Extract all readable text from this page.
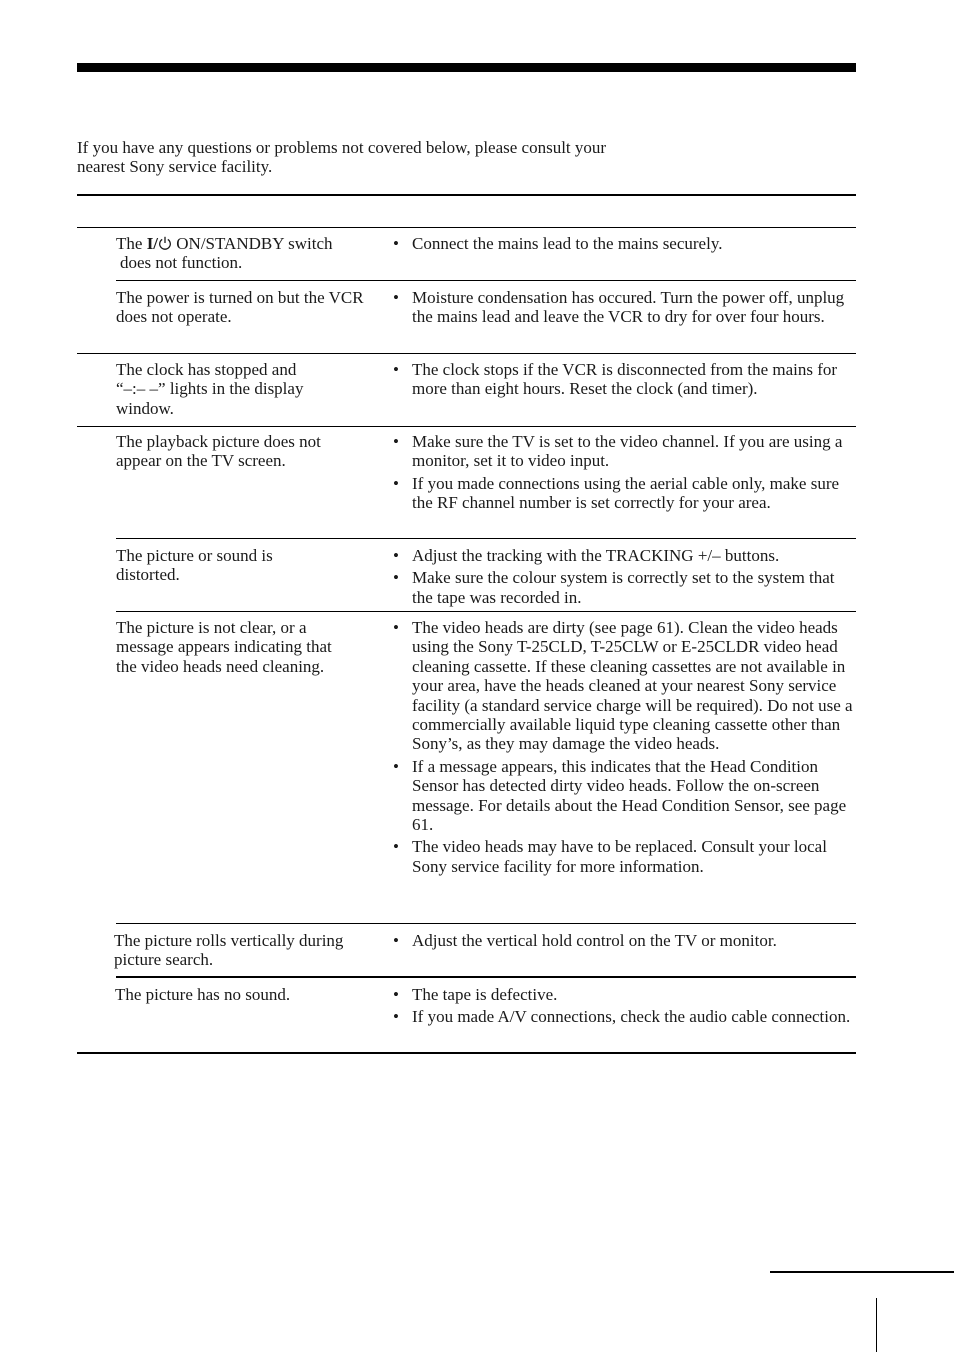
If you have any questions or problems not covered below, please consult your
nearest Sony service facility.
The I/ ON/STANDBY switch
does not function.
• Connect the mains lead to the mains securely.
The power is turned on but the VCR does not operate.
• Moisture condensation has occured. Turn the power off, unplug the mains lead and leave the VCR to dry for over four hours.
The clock has stopped and
“–:– –” lights in the display
window.
• The clock stops if the VCR is disconnected from the mains for more than eight hours. Reset the clock (and timer).
The playback picture does not appear on the TV screen.
• Make sure the TV is set to the video channel. If you are using a monitor, set it to video input.
• If you made connections using the aerial cable only, make sure the RF channel number is set correctly for your area.
The picture or sound is distorted.
• Adjust the tracking with the TRACKING +/– buttons.
• Make sure the colour system is correctly set to the system that the tape was recorded in.
The picture is not clear, or a message appears indicating that the video heads need cleaning.
• The video heads are dirty (see page 61). Clean the video heads using the Sony T-25CLD, T-25CLW or E-25CLDR video head cleaning cassette. If these cleaning cassettes are not available in your area, have the heads cleaned at your nearest Sony service facility (a standard service charge will be required). Do not use a commercially available liquid type cleaning cassette other than Sony’s, as they may damage the video heads.
• If a message appears, this indicates that the Head Condition Sensor has detected dirty video heads. Follow the on-screen message. For details about the Head Condition Sensor, see page 61.
• The video heads may have to be replaced. Consult your local Sony service facility for more information.
The picture rolls vertically during picture search.
• Adjust the vertical hold control on the TV or monitor.
The picture has no sound.
•	The tape is defective.
• If you made A/V connections, check the audio cable connection.
